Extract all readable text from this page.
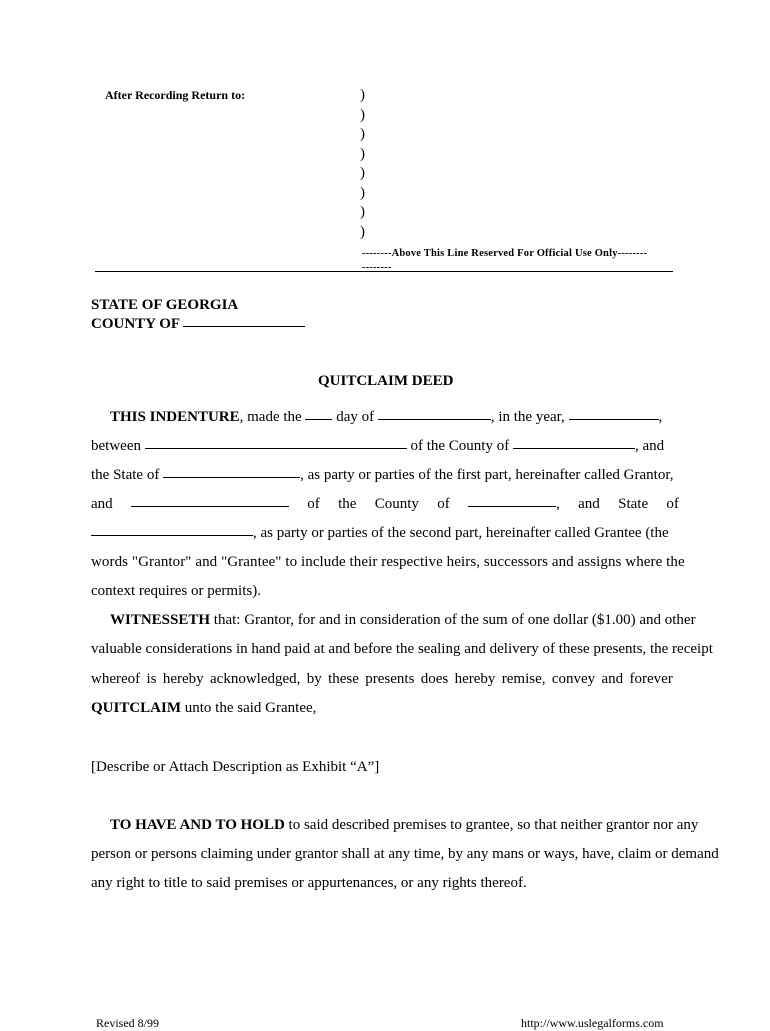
After Recording Return to:	)
)
)
)
)
)
)
)
--------Above This Line Reserved For Official Use Only--------
--------
STATE OF GEORGIA
COUNTY OF
QUITCLAIM DEED
THIS INDENTURE, made the day of	, in the year,	,
between	of the County of	, and
the State of	, as party or parties of the first part, hereinafter called Grantor,
and	of the County of	, and State of
, as party or parties of the second part, hereinafter called Grantee (the
words "Grantor" and "Grantee" to include their respective heirs, successors and assigns where the
context requires or permits).
WITNESSETH that: Grantor, for and in consideration of the sum of one dollar ($1.00) and other
valuable considerations in hand paid at and before the sealing and delivery of these presents, the receipt
whereof is hereby acknowledged, by these presents does hereby remise, convey and forever
QUITCLAIM unto the said Grantee,
[Describe or Attach Description as Exhibit “A”]
TO HAVE AND TO HOLD to said described premises to grantee, so that neither grantor nor any
person or persons claiming under grantor shall at any time, by any mans or ways, have, claim or demand
any right to title to said premises or appurtenances, or any rights thereof.
Revised 8/99	http://www.uslegalforms.com
